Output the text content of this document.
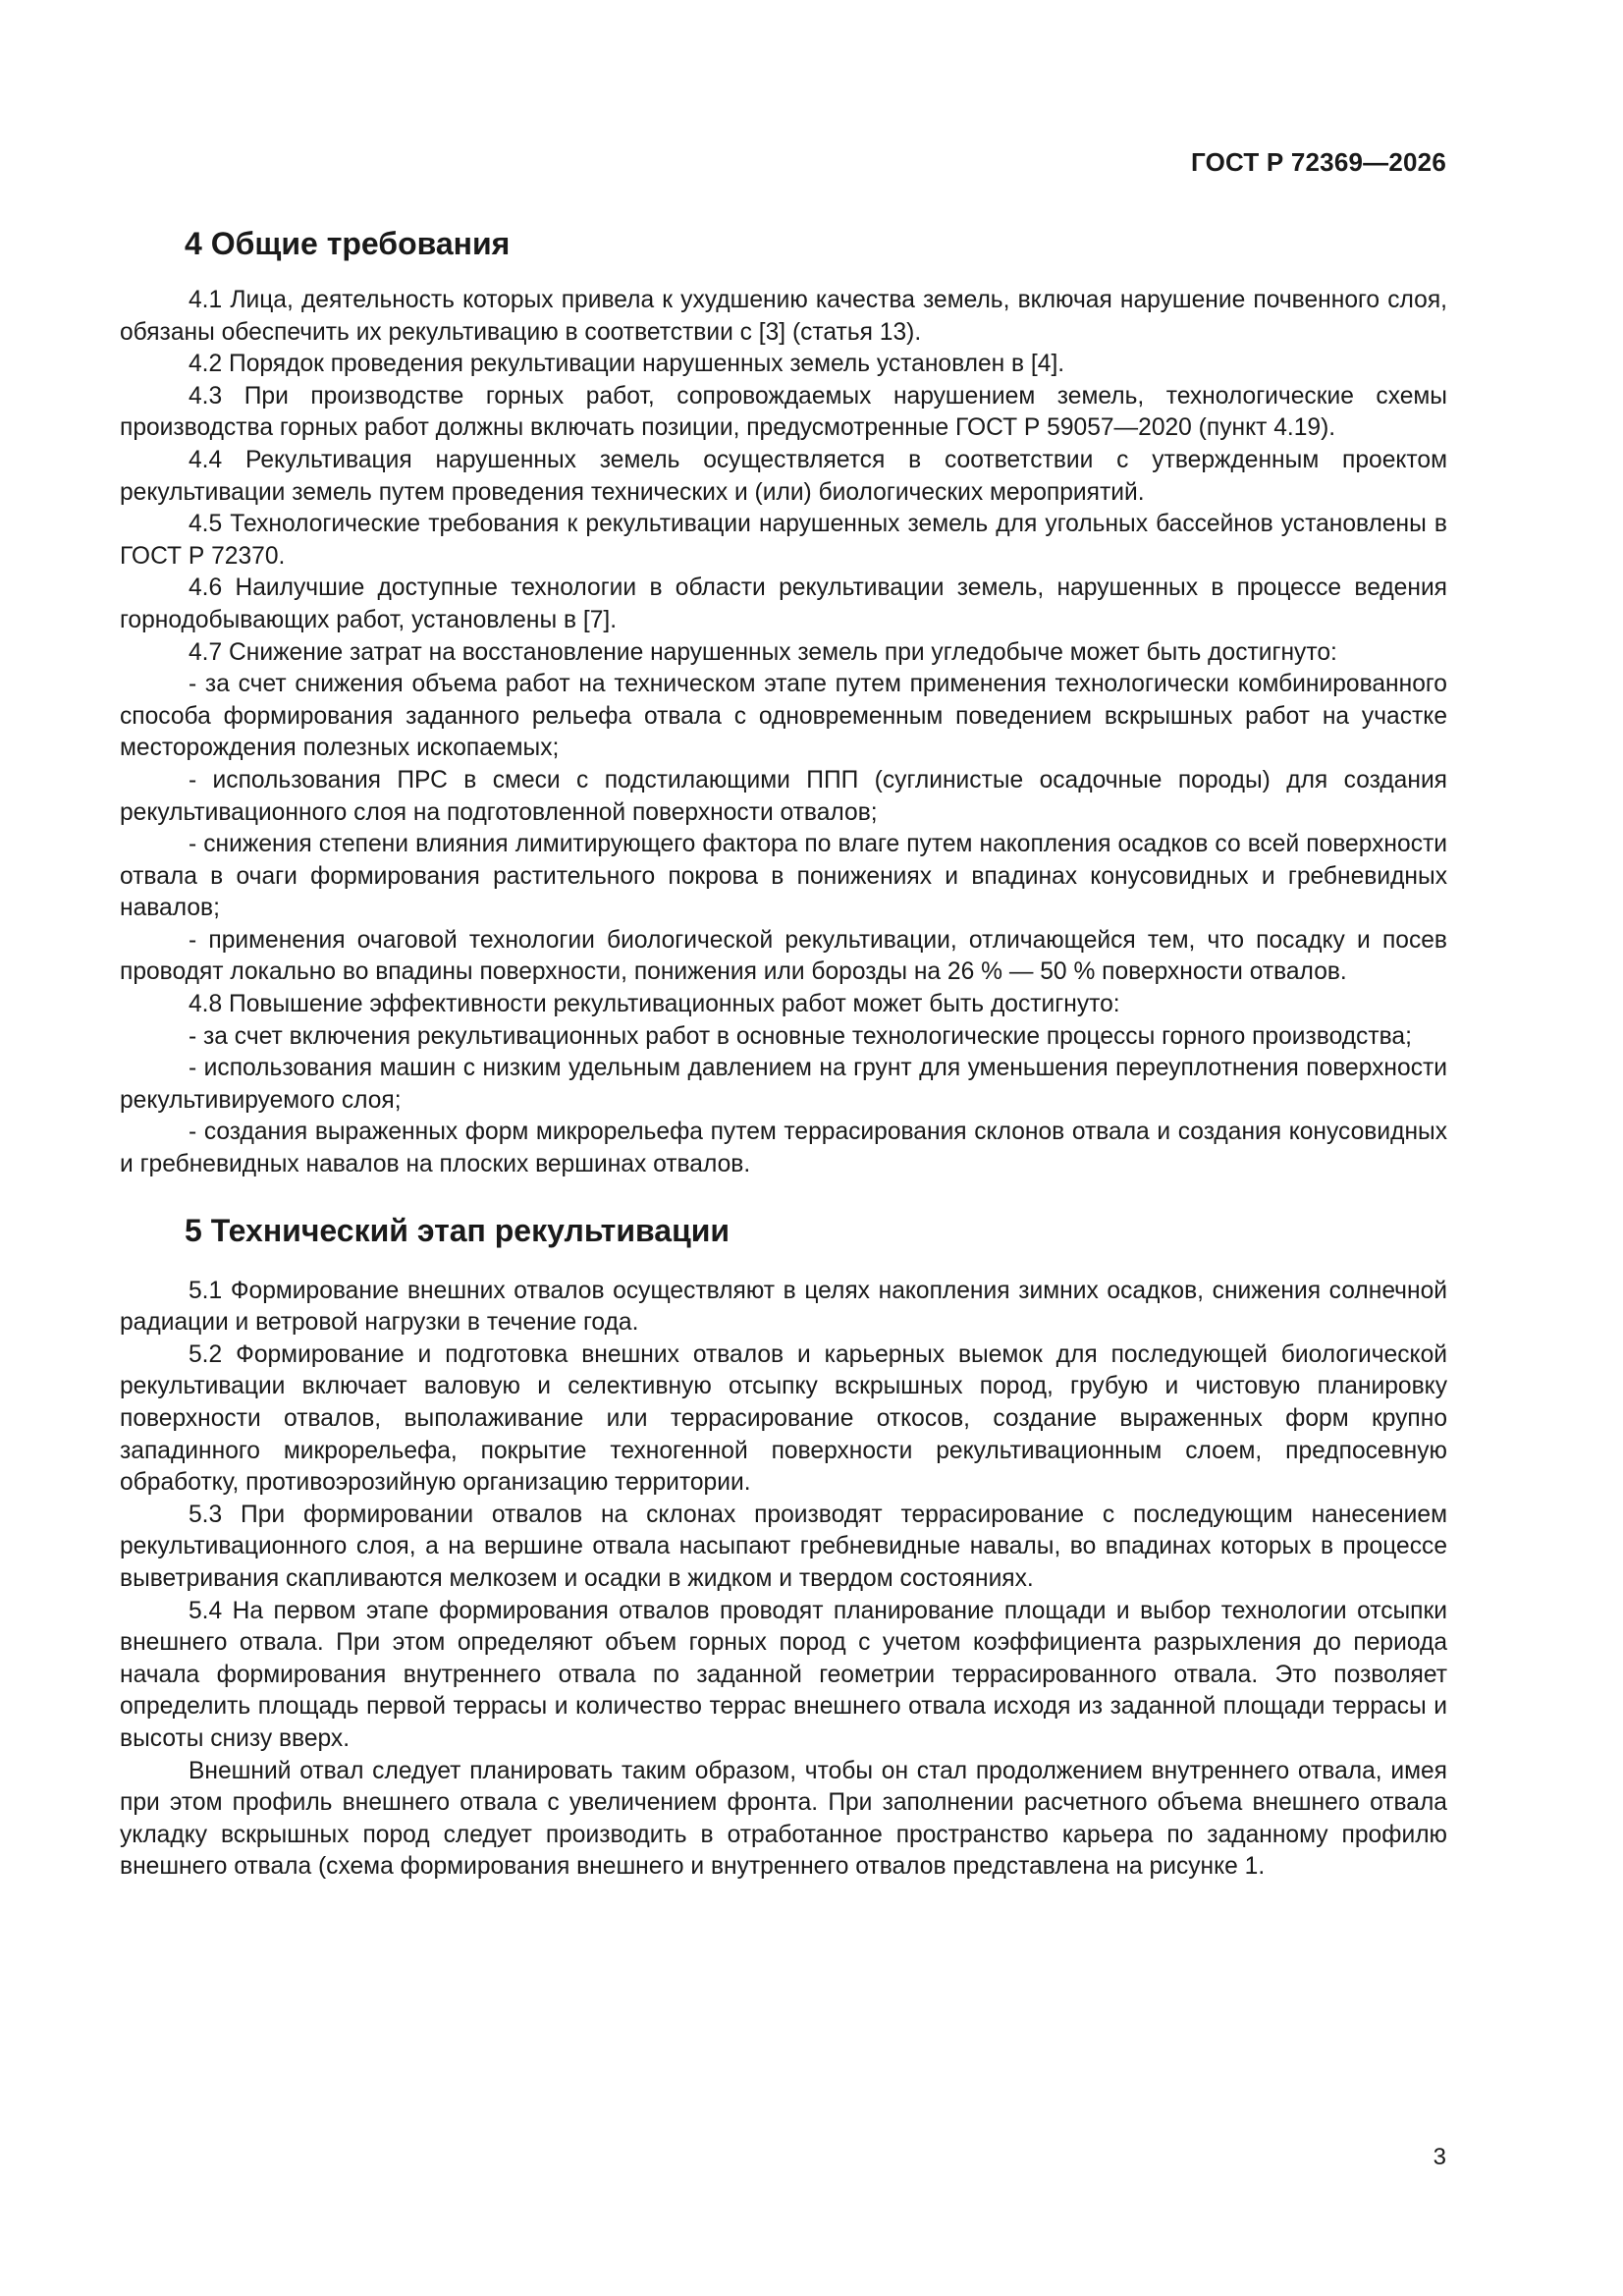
ГОСТ Р 72369—2026
4 Общие требования

4.1 Лица, деятельность которых привела к ухудшению качества земель, включая нарушение почвенного слоя, обязаны обеспечить их рекультивацию в соответствии с [3] (статья 13).

4.2 Порядок проведения рекультивации нарушенных земель установлен в [4].

4.3 При производстве горных работ, сопровождаемых нарушением земель, технологические схемы производства горных работ должны включать позиции, предусмотренные ГОСТ Р 59057—2020 (пункт 4.19).

4.4 Рекультивация нарушенных земель осуществляется в соответствии с утвержденным проектом рекультивации земель путем проведения технических и (или) биологических мероприятий.

4.5 Технологические требования к рекультивации нарушенных земель для угольных бассейнов установлены в ГОСТ Р 72370.

4.6 Наилучшие доступные технологии в области рекультивации земель, нарушенных в процессе ведения горнодобывающих работ, установлены в [7].

4.7 Снижение затрат на восстановление нарушенных земель при угледобыче может быть достигнуто:

- за счет снижения объема работ на техническом этапе путем применения технологически комбинированного способа формирования заданного рельефа отвала с одновременным поведением вскрышных работ на участке месторождения полезных ископаемых;

- использования ПРС в смеси с подстилающими ППП (суглинистые осадочные породы) для создания рекультивационного слоя на подготовленной поверхности отвалов;

- снижения степени влияния лимитирующего фактора по влаге путем накопления осадков со всей поверхности отвала в очаги формирования растительного покрова в понижениях и впадинах конусовидных и гребневидных навалов;

- применения очаговой технологии биологической рекультивации, отличающейся тем, что посадку и посев проводят локально во впадины поверхности, понижения или борозды на 26 % — 50 % поверхности отвалов.

4.8 Повышение эффективности рекультивационных работ может быть достигнуто:

- за счет включения рекультивационных работ в основные технологические процессы горного производства;

- использования машин с низким удельным давлением на грунт для уменьшения переуплотнения поверхности рекультивируемого слоя;

- создания выраженных форм микрорельефа путем террасирования склонов отвала и создания конусовидных и гребневидных навалов на плоских вершинах отвалов.

5 Технический этап рекультивации

5.1 Формирование внешних отвалов осуществляют в целях накопления зимних осадков, снижения солнечной радиации и ветровой нагрузки в течение года.

5.2 Формирование и подготовка внешних отвалов и карьерных выемок для последующей биологической рекультивации включает валовую и селективную отсыпку вскрышных пород, грубую и чистовую планировку поверхности отвалов, выполаживание или террасирование откосов, создание выраженных форм крупно западинного микрорельефа, покрытие техногенной поверхности рекультивационным слоем, предпосевную обработку, противоэрозийную организацию территории.

5.3 При формировании отвалов на склонах производят террасирование с последующим нанесением рекультивационного слоя, а на вершине отвала насыпают гребневидные навалы, во впадинах которых в процессе выветривания скапливаются мелкозем и осадки в жидком и твердом состояниях.

5.4 На первом этапе формирования отвалов проводят планирование площади и выбор технологии отсыпки внешнего отвала. При этом определяют объем горных пород с учетом коэффициента разрыхления до периода начала формирования внутреннего отвала по заданной геометрии террасированного отвала. Это позволяет определить площадь первой террасы и количество террас внешнего отвала исходя из заданной площади террасы и высоты снизу вверх.

Внешний отвал следует планировать таким образом, чтобы он стал продолжением внутреннего отвала, имея при этом профиль внешнего отвала с увеличением фронта. При заполнении расчетного объема внешнего отвала укладку вскрышных пород следует производить в отработанное пространство карьера по заданному профилю внешнего отвала (схема формирования внешнего и внутреннего отвалов представлена на рисунке 1.

3
